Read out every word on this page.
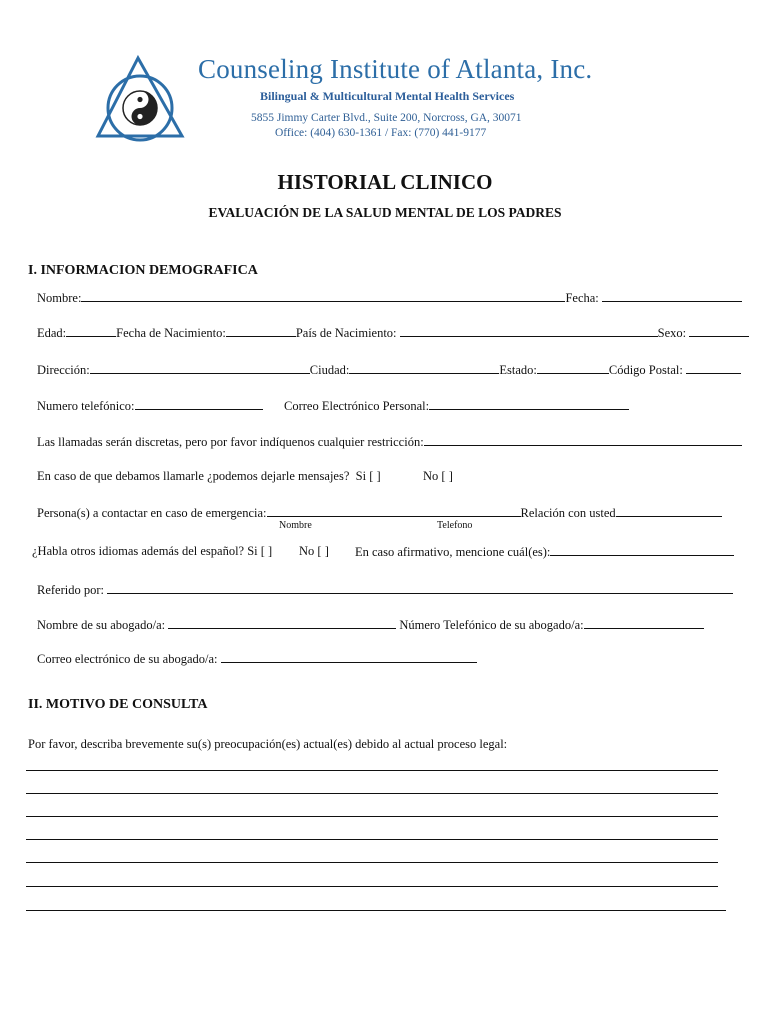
Counseling Institute of Atlanta, Inc.
Bilingual & Multicultural Mental Health Services
5855 Jimmy Carter Blvd., Suite 200, Norcross, GA, 30071
Office: (404) 630-1361 / Fax: (770) 441-9177
HISTORIAL CLINICO
EVALUACIÓN DE LA SALUD MENTAL DE LOS PADRES
I. INFORMACION DEMOGRAFICA
Nombre:	Fecha:
Edad:	Fecha de Nacimiento:	País de Nacimiento:	Sexo:
Dirección:	Ciudad:	Estado:	Código Postal:
Numero telefónico:	Correo Electrónico Personal:
Las llamadas serán discretas, pero por favor indíquenos cualquier restricción:
En caso de que debamos llamarle ¿podemos dejarle mensajes? Si [ ]	No [ ]
Persona(s) a contactar en caso de emergencia:	Relación con usted
Nombre	Telefono
¿Habla otros idiomas además del español? Si [ ] No [ ] En caso afirmativo, mencione cuál(es):
Referido por:
Nombre de su abogado/a:	Número Telefónico de su abogado/a:
Correo electrónico de su abogado/a:
II. MOTIVO DE CONSULTA
Por favor, describa brevemente su(s) preocupación(es) actual(es) debido al actual proceso legal:
